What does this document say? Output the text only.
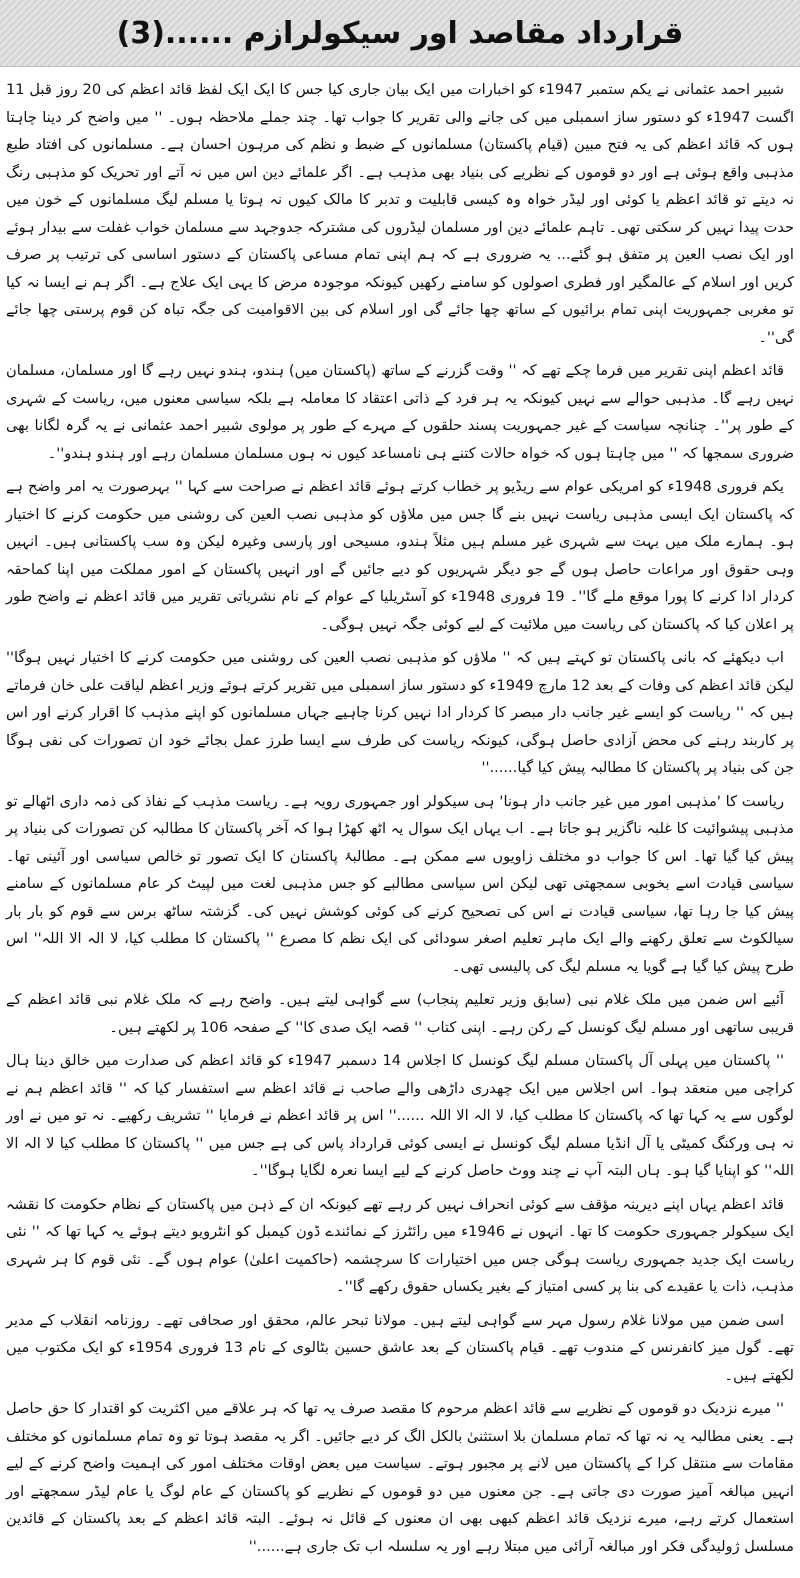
قرارداد مقاصد اور سیکولرازم ......(3)

شبیر احمد عثمانی نے یکم ستمبر 1947ء کو اخبارات میں ایک بیان جاری کیا جس کا ایک ایک لفظ قائد اعظم کی 20 روز قبل 11 اگست 1947ء کو دستور ساز اسمبلی میں کی جانے والی تقریر کا جواب تھا۔ چند جملے ملاحظہ ہوں۔ '' میں واضح کر دینا چاہتا ہوں کہ قائد اعظم کی یہ فتح مبین (قیام پاکستان) مسلمانوں کے ضبط و نظم کی مرہون احسان ہے۔ مسلمانوں کی افتاد طبع مذہبی واقع ہوئی ہے اور دو قوموں کے نظریے کی بنیاد بھی مذہب ہے۔ اگر علمائے دین اس میں نہ آتے اور تحریک کو مذہبی رنگ نہ دیتے تو قائد اعظم یا کوئی اور لیڈر خواہ وہ کیسی قابلیت و تدبر کا مالک کیوں نہ ہوتا یا مسلم لیگ مسلمانوں کے خون میں حدت پیدا نہیں کر سکتی تھی۔ تاہم علمائے دین اور مسلمان لیڈروں کی مشترکہ جدوجہد سے مسلمان خواب غفلت سے بیدار ہوئے اور ایک نصب العین پر متفق ہو گئے... یہ ضروری ہے کہ ہم اپنی تمام مساعی پاکستان کے دستور اساسی کی ترتیب پر صرف کریں اور اسلام کے عالمگیر اور فطری اصولوں کو سامنے رکھیں کیونکہ موجودہ مرض کا یہی ایک علاج ہے۔ اگر ہم نے ایسا نہ کیا تو مغربی جمہوریت اپنی تمام برائیوں کے ساتھ چھا جائے گی اور اسلام کی بین الاقوامیت کی جگہ تباہ کن قوم پرستی چھا جائے گی''۔

قائد اعظم اپنی تقریر میں فرما چکے تھے کہ '' وقت گزرنے کے ساتھ (پاکستان میں) ہندو، ہندو نہیں رہے گا اور مسلمان، مسلمان نہیں رہے گا۔ مذہبی حوالے سے نہیں کیونکہ یہ ہر فرد کے ذاتی اعتقاد کا معاملہ ہے بلکہ سیاسی معنوں میں، ریاست کے شہری کے طور پر''۔ چنانچہ سیاست کے غیر جمہوریت پسند حلقوں کے مہرے کے طور پر مولوی شبیر احمد عثمانی نے یہ گرہ لگانا بھی ضروری سمجھا کہ '' میں چاہتا ہوں کہ خواہ حالات کتنے ہی نامساعد کیوں نہ ہوں مسلمان مسلمان رہے اور ہندو ہندو''۔

یکم فروری 1948ء کو امریکی عوام سے ریڈیو پر خطاب کرتے ہوئے قائد اعظم نے صراحت سے کہا '' بہرصورت یہ امر واضح ہے کہ پاکستان ایک ایسی مذہبی ریاست نہیں بنے گا جس میں ملاؤں کو مذہبی نصب العین کی روشنی میں حکومت کرنے کا اختیار ہو۔ ہمارے ملک میں بہت سے شہری غیر مسلم ہیں مثلاً ہندو، مسیحی اور پارسی وغیرہ لیکن وہ سب پاکستانی ہیں۔ انہیں وہی حقوق اور مراعات حاصل ہوں گے جو دیگر شہریوں کو دیے جائیں گے اور انہیں پاکستان کے امور مملکت میں اپنا کماحقہ کردار ادا کرنے کا پورا موقع ملے گا''۔ 19 فروری 1948ء کو آسٹریلیا کے عوام کے نام نشریاتی تقریر میں قائد اعظم نے واضح طور پر اعلان کیا کہ پاکستان کی ریاست میں ملائیت کے لیے کوئی جگہ نہیں ہوگی۔

اب دیکھئے کہ بانی پاکستان تو کہتے ہیں کہ '' ملاؤں کو مذہبی نصب العین کی روشنی میں حکومت کرنے کا اختیار نہیں ہوگا'' لیکن قائد اعظم کی وفات کے بعد 12 مارچ 1949ء کو دستور ساز اسمبلی میں تقریر کرتے ہوئے وزیر اعظم لیاقت علی خان فرماتے ہیں کہ '' ریاست کو ایسے غیر جانب دار مبصر کا کردار ادا نہیں کرنا چاہیے جہاں مسلمانوں کو اپنے مذہب کا اقرار کرنے اور اس پر کاربند رہنے کی محض آزادی حاصل ہوگی، کیونکہ ریاست کی طرف سے ایسا طرز عمل بجائے خود ان تصورات کی نفی ہوگا جن کی بنیاد پر پاکستان کا مطالبہ پیش کیا گیا......''

ریاست کا 'مذہبی امور میں غیر جانب دار ہونا' ہی سیکولر اور جمہوری رویہ ہے۔ ریاست مذہب کے نفاذ کی ذمہ داری اٹھالے تو مذہبی پیشوائیت کا غلبہ ناگزیر ہو جاتا ہے۔ اب یہاں ایک سوال یہ اٹھ کھڑا ہوا کہ آخر پاکستان کا مطالبہ کن تصورات کی بنیاد پر پیش کیا گیا تھا۔ اس کا جواب دو مختلف زاویوں سے ممکن ہے۔ مطالبۂ پاکستان کا ایک تصور تو خالص سیاسی اور آئینی تھا۔ سیاسی قیادت اسے بخوبی سمجھتی تھی لیکن اس سیاسی مطالبے کو جس مذہبی لغت میں لپیٹ کر عام مسلمانوں کے سامنے پیش کیا جا رہا تھا، سیاسی قیادت نے اس کی تصحیح کرنے کی کوئی کوشش نہیں کی۔ گزشتہ ساٹھ برس سے قوم کو بار بار سیالکوٹ سے تعلق رکھنے والے ایک ماہر تعلیم اصغر سودائی کی ایک نظم کا مصرع '' پاکستان کا مطلب کیا، لا الہ الا اللہ'' اس طرح پیش کیا گیا ہے گویا یہ مسلم لیگ کی پالیسی تھی۔

آئیے اس ضمن میں ملک غلام نبی (سابق وزیر تعلیم پنجاب) سے گواہی لیتے ہیں۔ واضح رہے کہ ملک غلام نبی قائد اعظم کے قریبی ساتھی اور مسلم لیگ کونسل کے رکن رہے۔ اپنی کتاب '' قصہ ایک صدی کا'' کے صفحہ 106 پر لکھتے ہیں۔

'' پاکستان میں پہلی آل پاکستان مسلم لیگ کونسل کا اجلاس 14 دسمبر 1947ء کو قائد اعظم کی صدارت میں خالق دینا ہال کراچی میں منعقد ہوا۔ اس اجلاس میں ایک چھدری داڑھی والے صاحب نے قائد اعظم سے استفسار کیا کہ '' قائد اعظم ہم نے لوگوں سے یہ کہا تھا کہ پاکستان کا مطلب کیا، لا الہ الا اللہ ......'' اس پر قائد اعظم نے فرمایا '' تشریف رکھیے۔ نہ تو میں نے اور نہ ہی ورکنگ کمیٹی یا آل انڈیا مسلم لیگ کونسل نے ایسی کوئی قرارداد پاس کی ہے جس میں '' پاکستان کا مطلب کیا لا الہ الا اللہ'' کو اپنایا گیا ہو۔ ہاں البتہ آپ نے چند ووٹ حاصل کرنے کے لیے ایسا نعرہ لگایا ہوگا''۔

قائد اعظم یہاں اپنے دیرینہ مؤقف سے کوئی انحراف نہیں کر رہے تھے کیونکہ ان کے ذہن میں پاکستان کے نظام حکومت کا نقشہ ایک سیکولر جمہوری حکومت کا تھا۔ انہوں نے 1946ء میں رائٹرز کے نمائندے ڈون کیمبل کو انٹرویو دیتے ہوئے یہ کہا تھا کہ '' نئی ریاست ایک جدید جمہوری ریاست ہوگی جس میں اختیارات کا سرچشمہ (حاکمیت اعلیٰ) عوام ہوں گے۔ نئی قوم کا ہر شہری مذہب، ذات یا عقیدے کی بنا پر کسی امتیاز کے بغیر یکساں حقوق رکھے گا''۔

اسی ضمن میں مولانا غلام رسول مہر سے گواہی لیتے ہیں۔ مولانا تبحر عالم، محقق اور صحافی تھے۔ روزنامہ انقلاب کے مدیر تھے۔ گول میز کانفرنس کے مندوب تھے۔ قیام پاکستان کے بعد عاشق حسین بٹالوی کے نام 13 فروری 1954ء کو ایک مکتوب میں لکھتے ہیں۔

'' میرے نزدیک دو قوموں کے نظریے سے قائد اعظم مرحوم کا مقصد صرف یہ تھا کہ ہر علاقے میں اکثریت کو اقتدار کا حق حاصل ہے۔ یعنی مطالبہ یہ نہ تھا کہ تمام مسلمان بلا استثنیٰ بالکل الگ کر دیے جائیں۔ اگر یہ مقصد ہوتا تو وہ تمام مسلمانوں کو مختلف مقامات سے منتقل کرا کے پاکستان میں لانے پر مجبور ہوتے۔ سیاست میں بعض اوقات مختلف امور کی اہمیت واضح کرنے کے لیے انہیں مبالغہ آمیز صورت دی جاتی ہے۔ جن معنوں میں دو قوموں کے نظریے کو پاکستان کے عام لوگ یا عام لیڈر سمجھتے اور استعمال کرتے رہے، میرے نزدیک قائد اعظم کبھی بھی ان معنوں کے قائل نہ ہوئے۔ البتہ قائد اعظم کے بعد پاکستان کے قائدین مسلسل ژولیدگی فکر اور مبالغہ آرائی میں مبتلا رہے اور یہ سلسلہ اب تک جاری ہے......''
